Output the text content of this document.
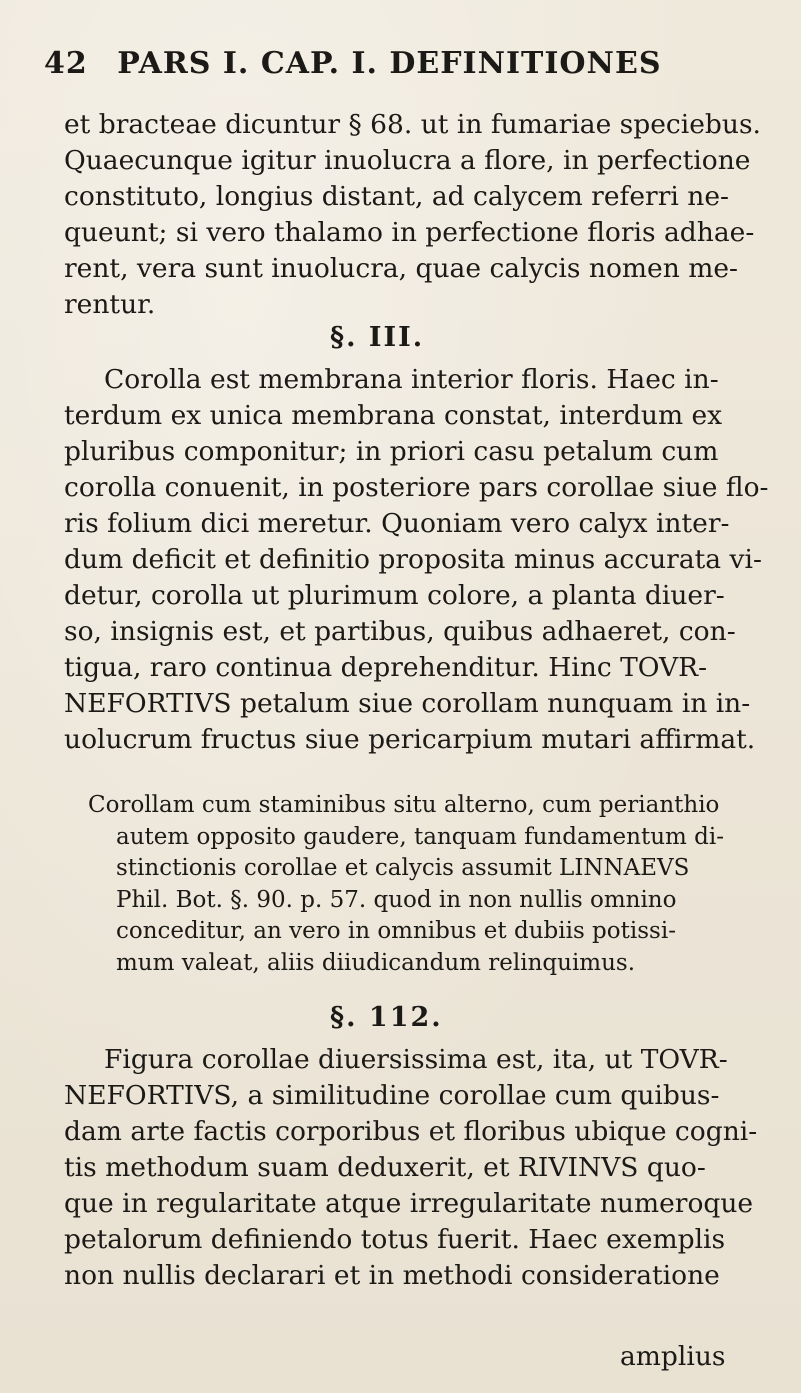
42 PARS I. CAP. I. DEFINITIONES

et bracteae dicuntur § 68. ut in fumariae speciebus.
Quaecunque igitur inuolucra a flore, in perfectione
constituto, longius distant, ad calycem referri ne-
queunt; si vero thalamo in perfectione floris adhae-
rent, vera sunt inuolucra, quae calycis nomen me-
rentur.

§. III.

Corolla est membrana interior floris. Haec in-
terdum ex unica membrana constat, interdum ex
pluribus componitur; in priori casu petalum cum
corolla conuenit, in posteriore pars corollae siue flo-
ris folium dici meretur. Quoniam vero calyx inter-
dum deficit et definitio proposita minus accurata vi-
detur, corolla ut plurimum colore, a planta diuer-
so, insignis est, et partibus, quibus adhaeret, con-
tigua, raro continua deprehenditur. Hinc TOVR-
NEFORTIVS petalum siue corollam nunquam in in-
uolucrum fructus siue pericarpium mutari affirmat.

Corollam cum staminibus situ alterno, cum perianthio
autem opposito gaudere, tanquam fundamentum di-
stinctionis corollae et calycis assumit LINNAEVS
Phil. Bot. §. 90. p. 57. quod in non nullis omnino
conceditur, an vero in omnibus et dubiis potissi-
mum valeat, aliis diiudicandum relinquimus.

§. 112.

Figura corollae diuersissima est, ita, ut TOVR-
NEFORTIVS, a similitudine corollae cum quibus-
dam arte factis corporibus et floribus ubique cogni-
tis methodum suam deduxerit, et RIVINVS quo-
que in regularitate atque irregularitate numeroque
petalorum definiendo totus fuerit. Haec exemplis
non nullis declarari et in methodi consideratione

amplius
